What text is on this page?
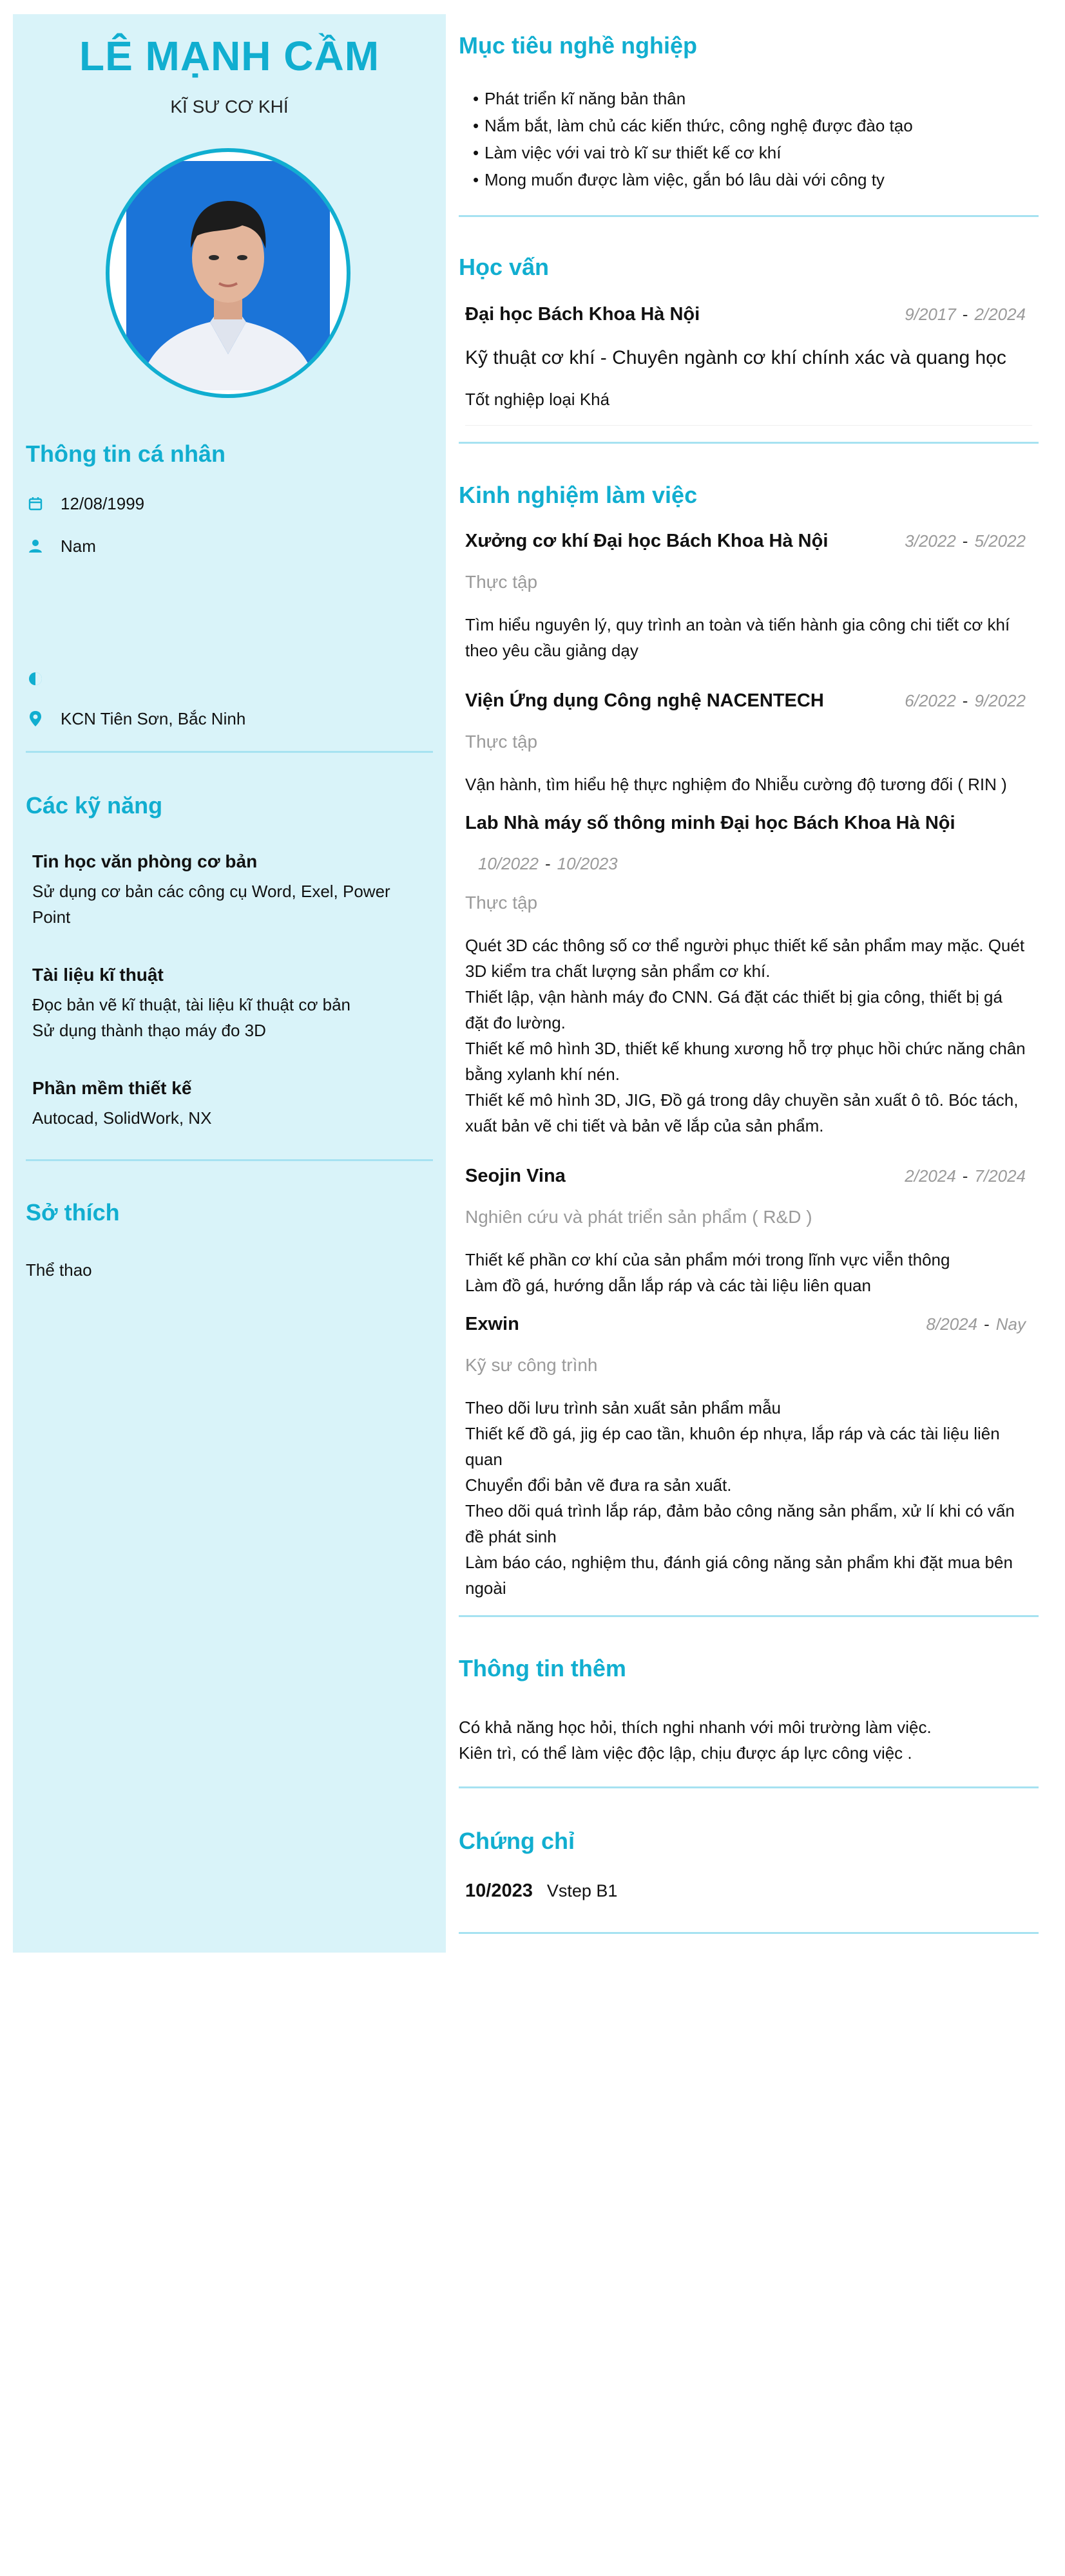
LÊ MẠNH CẦM
KĨ SƯ CƠ KHÍ
Thông tin cá nhân
12/08/1999
Nam
KCN Tiên Sơn, Bắc Ninh
Các kỹ năng
Tin học văn phòng cơ bản
Sử dụng cơ bản các công cụ Word, Exel, Power
Point
Tài liệu kĩ thuật
Đọc bản vẽ kĩ thuật, tài liệu kĩ thuật cơ bản
Sử dụng thành thạo máy đo 3D
Phần mềm thiết kế
Autocad, SolidWork, NX
Sở thích
Thể thao
Mục tiêu nghề nghiệp
• Phát triển kĩ năng bản thân
• Nắm bắt, làm chủ các kiến thức, công nghệ được đào tạo
• Làm việc với vai trò kĩ sư thiết kế cơ khí
• Mong muốn được làm việc, gắn bó lâu dài với công ty
Học vấn
Đại học Bách Khoa Hà Nội	9/2017 - 2/2024
Kỹ thuật cơ khí - Chuyên ngành cơ khí chính xác và quang học
Tốt nghiệp loại Khá
Kinh nghiệm làm việc
Xưởng cơ khí Đại học Bách Khoa Hà Nội	3/2022 - 5/2022
Thực tập
Tìm hiểu nguyên lý, quy trình an toàn và tiến hành gia công chi tiết cơ khí
theo yêu cầu giảng dạy
Viện Ứng dụng Công nghệ NACENTECH	6/2022 - 9/2022
Thực tập
Vận hành, tìm hiểu hệ thực nghiệm đo Nhiễu cường độ tương đối ( RIN )
Lab Nhà máy số thông minh Đại học Bách Khoa Hà Nội
10/2022 - 10/2023
Thực tập
Quét 3D các thông số cơ thể người phục thiết kế sản phẩm may mặc. Quét
3D kiểm tra chất lượng sản phẩm cơ khí.
Thiết lập, vận hành máy đo CNN. Gá đặt các thiết bị gia công, thiết bị gá
đặt đo lường.
Thiết kế mô hình 3D, thiết kế khung xương hỗ trợ phục hồi chức năng chân
bằng xylanh khí nén.
Thiết kế mô hình 3D, JIG, Đồ gá trong dây chuyền sản xuất ô tô. Bóc tách,
xuất bản vẽ chi tiết và bản vẽ lắp của sản phẩm.
Seojin Vina	2/2024 - 7/2024
Nghiên cứu và phát triển sản phẩm ( R&D )
Thiết kế phần cơ khí của sản phẩm mới trong lĩnh vực viễn thông
Làm đồ gá, hướng dẫn lắp ráp và các tài liệu liên quan
Exwin	8/2024 - Nay
Kỹ sư công trình
Theo dõi lưu trình sản xuất sản phẩm mẫu
Thiết kế đồ gá, jig ép cao tần, khuôn ép nhựa, lắp ráp và các tài liệu liên
quan
Chuyển đổi bản vẽ đưa ra sản xuất.
Theo dõi quá trình lắp ráp, đảm bảo công năng sản phẩm, xử lí khi có vấn
đề phát sinh
Làm báo cáo, nghiệm thu, đánh giá công năng sản phẩm khi đặt mua bên
ngoài
Thông tin thêm
Có khả năng học hỏi, thích nghi nhanh với môi trường làm việc.
Kiên trì, có thể làm việc độc lập, chịu được áp lực công việc .
Chứng chỉ
10/2023 Vstep B1
